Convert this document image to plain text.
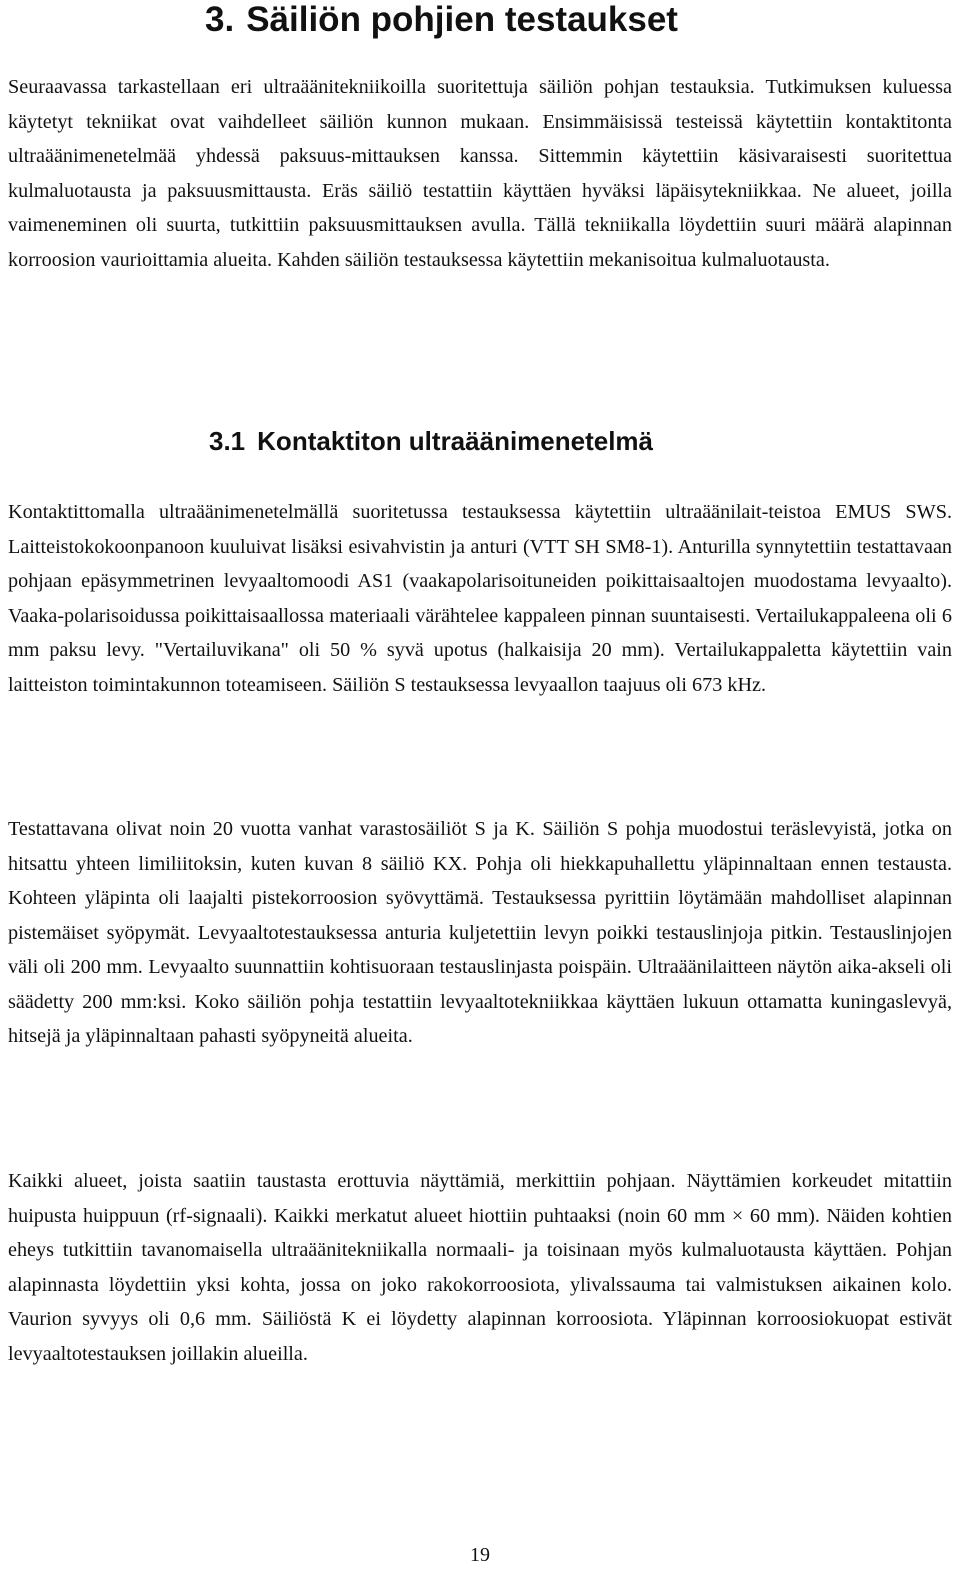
3. Säiliön pohjien testaukset

Seuraavassa tarkastellaan eri ultraäänitekniikoilla suoritettuja säiliön pohjan testauksia. Tutkimuksen kuluessa käytetyt tekniikat ovat vaihdelleet säiliön kunnon mukaan. Ensimmäisissä testeissä käytettiin kontaktitonta ultraäänimenetelmää yhdessä paksuus-mittauksen kanssa. Sittemmin käytettiin käsivaraisesti suoritettua kulmaluotausta ja paksuusmittausta. Eräs säiliö testattiin käyttäen hyväksi läpäisytekniikkaa. Ne alueet, joilla vaimeneminen oli suurta, tutkittiin paksuusmittauksen avulla. Tällä tekniikalla löydettiin suuri määrä alapinnan korroosion vaurioittamia alueita. Kahden säiliön testauksessa käytettiin mekanisoitua kulmaluotausta.

3.1 Kontaktiton ultraäänimenetelmä

Kontaktittomalla ultraäänimenetelmällä suoritetussa testauksessa käytettiin ultraäänilait-teistoa EMUS SWS. Laitteistokokoonpanoon kuuluivat lisäksi esivahvistin ja anturi (VTT SH SM8-1). Anturilla synnytettiin testattavaan pohjaan epäsymmetrinen levyaaltomoodi AS1 (vaakapolarisoituneiden poikittaisaaltojen muodostama levyaalto). Vaaka-polarisoidussa poikittaisaallossa materiaali värähtelee kappaleen pinnan suuntaisesti. Vertailukappaleena oli 6 mm paksu levy. "Vertailuvikana" oli 50 % syvä upotus (halkaisija 20 mm). Vertailukappaletta käytettiin vain laitteiston toimintakunnon toteamiseen. Säiliön S testauksessa levyaallon taajuus oli 673 kHz.

Testattavana olivat noin 20 vuotta vanhat varastosäiliöt S ja K. Säiliön S pohja muodostui teräslevyistä, jotka on hitsattu yhteen limiliitoksin, kuten kuvan 8 säiliö KX. Pohja oli hiekkapuhallettu yläpinnaltaan ennen testausta. Kohteen yläpinta oli laajalti pistekorroosion syövyttämä. Testauksessa pyrittiin löytämään mahdolliset alapinnan pistemäiset syöpymät. Levyaaltotestauksessa anturia kuljetettiin levyn poikki testauslinjoja pitkin. Testauslinjojen väli oli 200 mm. Levyaalto suunnattiin kohtisuoraan testauslinjasta poispäin. Ultraäänilaitteen näytön aika-akseli oli säädetty 200 mm:ksi. Koko säiliön pohja testattiin levyaaltotekniikkaa käyttäen lukuun ottamatta kuningaslevyä, hitsejä ja yläpinnaltaan pahasti syöpyneitä alueita.

Kaikki alueet, joista saatiin taustasta erottuvia näyttämiä, merkittiin pohjaan. Näyttämien korkeudet mitattiin huipusta huippuun (rf-signaali). Kaikki merkatut alueet hiottiin puhtaaksi (noin 60 mm × 60 mm). Näiden kohtien eheys tutkittiin tavanomaisella ultraäänitekniikalla normaali- ja toisinaan myös kulmaluotausta käyttäen. Pohjan alapinnasta löydettiin yksi kohta, jossa on joko rakokorroosiota, ylivalssauma tai valmistuksen aikainen kolo. Vaurion syvyys oli 0,6 mm. Säiliöstä K ei löydetty alapinnan korroosiota. Yläpinnan korroosiokuopat estivät levyaaltotestauksen joillakin alueilla.

19
